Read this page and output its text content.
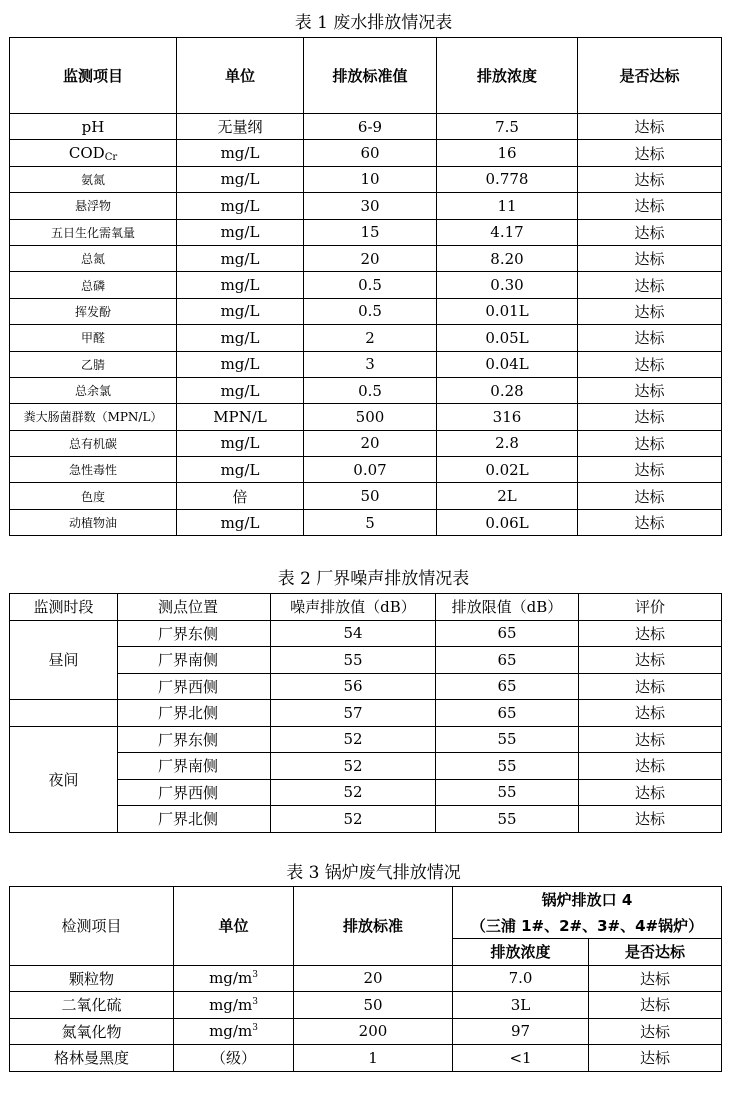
表 1 废水排放情况表
监测项目	单位	排放标准值	排放浓度	是否达标
pH	无量纲	6-9	7.5	达标
$COD_{Cr}$	mg/L	60	16	达标
氨氮	mg/L	10	0.778	达标
悬浮物	mg/L	30	11	达标
五日生化需氧量	mg/L	15	4.17	达标
总氮	mg/L	20	8.20	达标
总磷	mg/L	0.5	0.30	达标
挥发酚	mg/L	0.5	0.01L	达标
甲醛	mg/L	2	0.05L	达标
乙腈	mg/L	3	0.04L	达标
总余氯	mg/L	0.5	0.28	达标
粪大肠菌群数（MPN/L）	MPN/L	500	316	达标
总有机碳	mg/L	20	2.8	达标
急性毒性	mg/L	0.07	0.02L	达标
色度	倍	50	2L	达标
动植物油	mg/L	5	0.06L	达标
表 2 厂界噪声排放情况表
监测时段	测点位置	噪声排放值（dB）	排放限值（dB）	评价
昼间	厂界东侧	54	65	达标
	厂界南侧	55	65	达标
	厂界西侧	56	65	达标
	厂界北侧	57	65	达标
夜间	厂界东侧	52	55	达标
	厂界南侧	52	55	达标
	厂界西侧	52	55	达标
	厂界北侧	52	55	达标
表 3 锅炉废气排放情况
检测项目	单位	排放标准	锅炉排放口 4	
			（三浦 1#、2#、3#、4#锅炉）	
			排放浓度	是否达标
颗粒物	$mg/m^3$	20	7.0	达标
二氧化硫	$mg/m^3$	50	3L	达标
氮氧化物	$mg/m^3$	200	97	达标
格林曼黑度	（级）	1	<1	达标
